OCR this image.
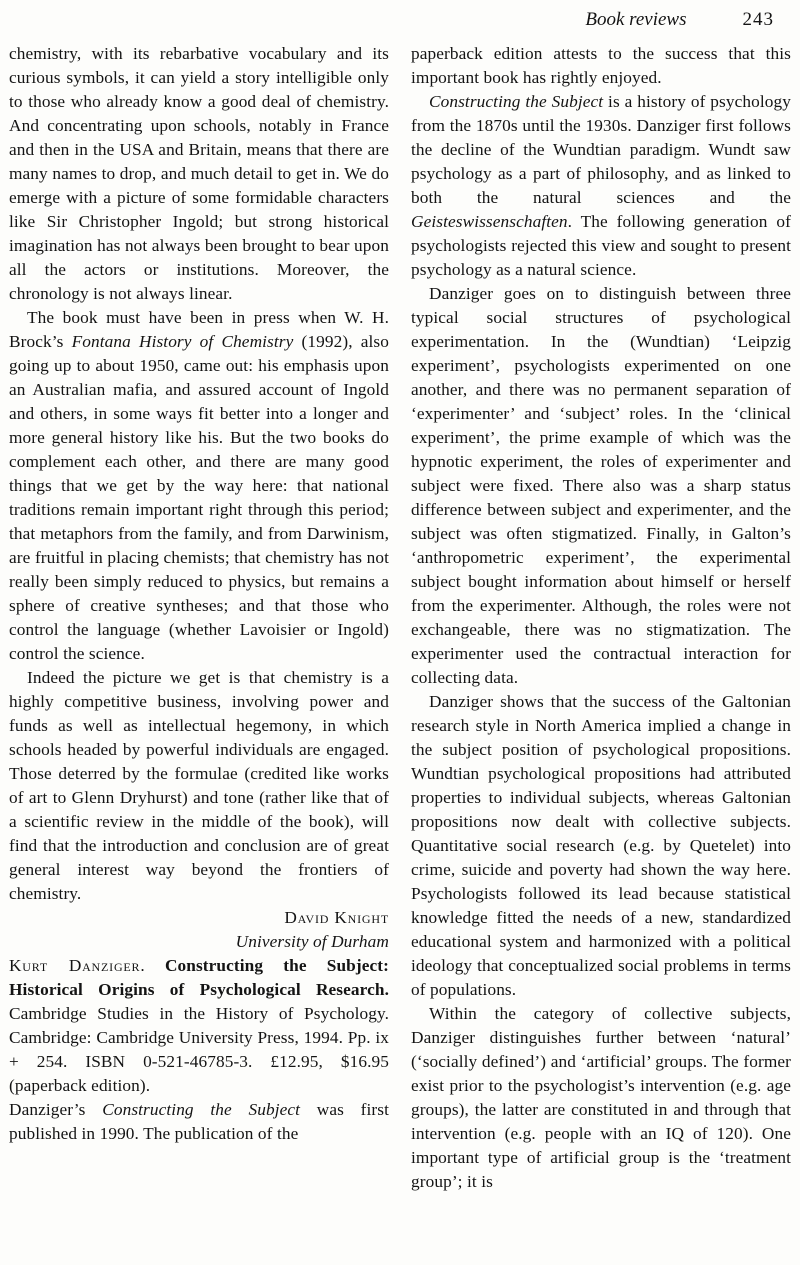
Book reviews	243

chemistry, with its rebarbative vocabulary and its curious symbols, it can yield a story intelligible only to those who already know a good deal of chemistry. And concentrating upon schools, notably in France and then in the USA and Britain, means that there are many names to drop, and much detail to get in. We do emerge with a picture of some formidable characters like Sir Christopher Ingold; but strong historical imagination has not always been brought to bear upon all the actors or institutions. Moreover, the chronology is not always linear.

The book must have been in press when W. H. Brock’s Fontana History of Chemistry (1992), also going up to about 1950, came out: his emphasis upon an Australian mafia, and assured account of Ingold and others, in some ways fit better into a longer and more general history like his. But the two books do complement each other, and there are many good things that we get by the way here: that national traditions remain important right through this period; that metaphors from the family, and from Darwinism, are fruitful in placing chemists; that chemistry has not really been simply reduced to physics, but remains a sphere of creative syntheses; and that those who control the language (whether Lavoisier or Ingold) control the science.

Indeed the picture we get is that chemistry is a highly competitive business, involving power and funds as well as intellectual hegemony, in which schools headed by powerful individuals are engaged. Those deterred by the formulae (credited like works of art to Glenn Dryhurst) and tone (rather like that of a scientific review in the middle of the book), will find that the introduction and conclusion are of great general interest way beyond the frontiers of chemistry.

David Knight
University of Durham

Kurt Danziger. Constructing the Subject: Historical Origins of Psychological Research. Cambridge Studies in the History of Psychology. Cambridge: Cambridge University Press, 1994. Pp. ix + 254. ISBN 0-521-46785-3. £12.95, $16.95 (paperback edition).

Danziger’s Constructing the Subject was first published in 1990. The publication of the

paperback edition attests to the success that this important book has rightly enjoyed.

Constructing the Subject is a history of psychology from the 1870s until the 1930s. Danziger first follows the decline of the Wundtian paradigm. Wundt saw psychology as a part of philosophy, and as linked to both the natural sciences and the Geisteswissenschaften. The following generation of psychologists rejected this view and sought to present psychology as a natural science.

Danziger goes on to distinguish between three typical social structures of psychological experimentation. In the (Wundtian) ‘Leipzig experiment’, psychologists experimented on one another, and there was no permanent separation of ‘experimenter’ and ‘subject’ roles. In the ‘clinical experiment’, the prime example of which was the hypnotic experiment, the roles of experimenter and subject were fixed. There also was a sharp status difference between subject and experimenter, and the subject was often stigmatized. Finally, in Galton’s ‘anthropometric experiment’, the experimental subject bought information about himself or herself from the experimenter. Although, the roles were not exchangeable, there was no stigmatization. The experimenter used the contractual interaction for collecting data.

Danziger shows that the success of the Galtonian research style in North America implied a change in the subject position of psychological propositions. Wundtian psychological propositions had attributed properties to individual subjects, whereas Galtonian propositions now dealt with collective subjects. Quantitative social research (e.g. by Quetelet) into crime, suicide and poverty had shown the way here. Psychologists followed its lead because statistical knowledge fitted the needs of a new, standardized educational system and harmonized with a political ideology that conceptualized social problems in terms of populations.

Within the category of collective subjects, Danziger distinguishes further between ‘natural’ (‘socially defined’) and ‘artificial’ groups. The former exist prior to the psychologist’s intervention (e.g. age groups), the latter are constituted in and through that intervention (e.g. people with an IQ of 120). One important type of artificial group is the ‘treatment group’; it is
